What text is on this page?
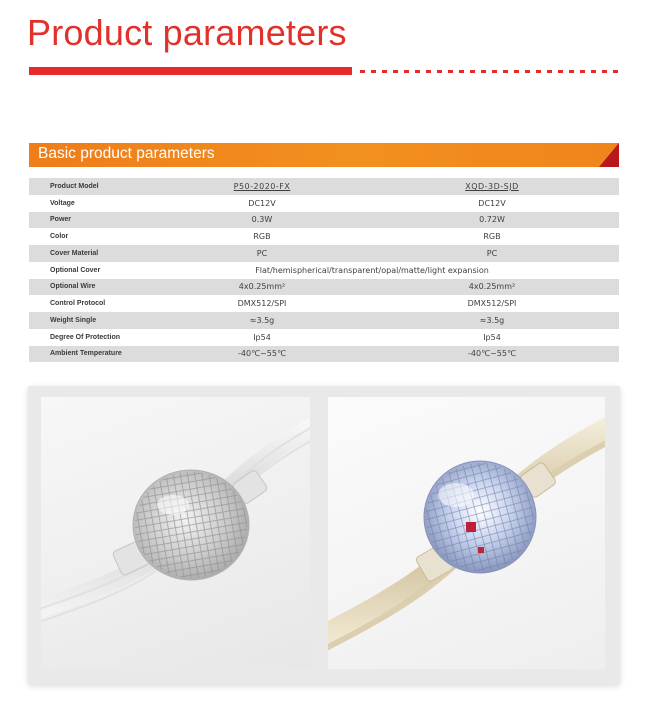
Product parameters
Basic product parameters
Product Model	P50-2020-FX	XQD-3D-SJD
Voltage	DC12V	DC12V
Power	0.3W	0.72W
Color	RGB	RGB
Cover Material	PC	PC
Optional Cover	Flat/hemispherical/transparent/opal/matte/light expansion
Optional Wire	4x0.25mm²	4x0.25mm²
Control Protocol	DMX512/SPI	DMX512/SPI
Weight Single	≈3.5g	≈3.5g
Degree Of Protection	Ip54	Ip54
Ambient Temperature	-40℃~55℃	-40℃~55℃
